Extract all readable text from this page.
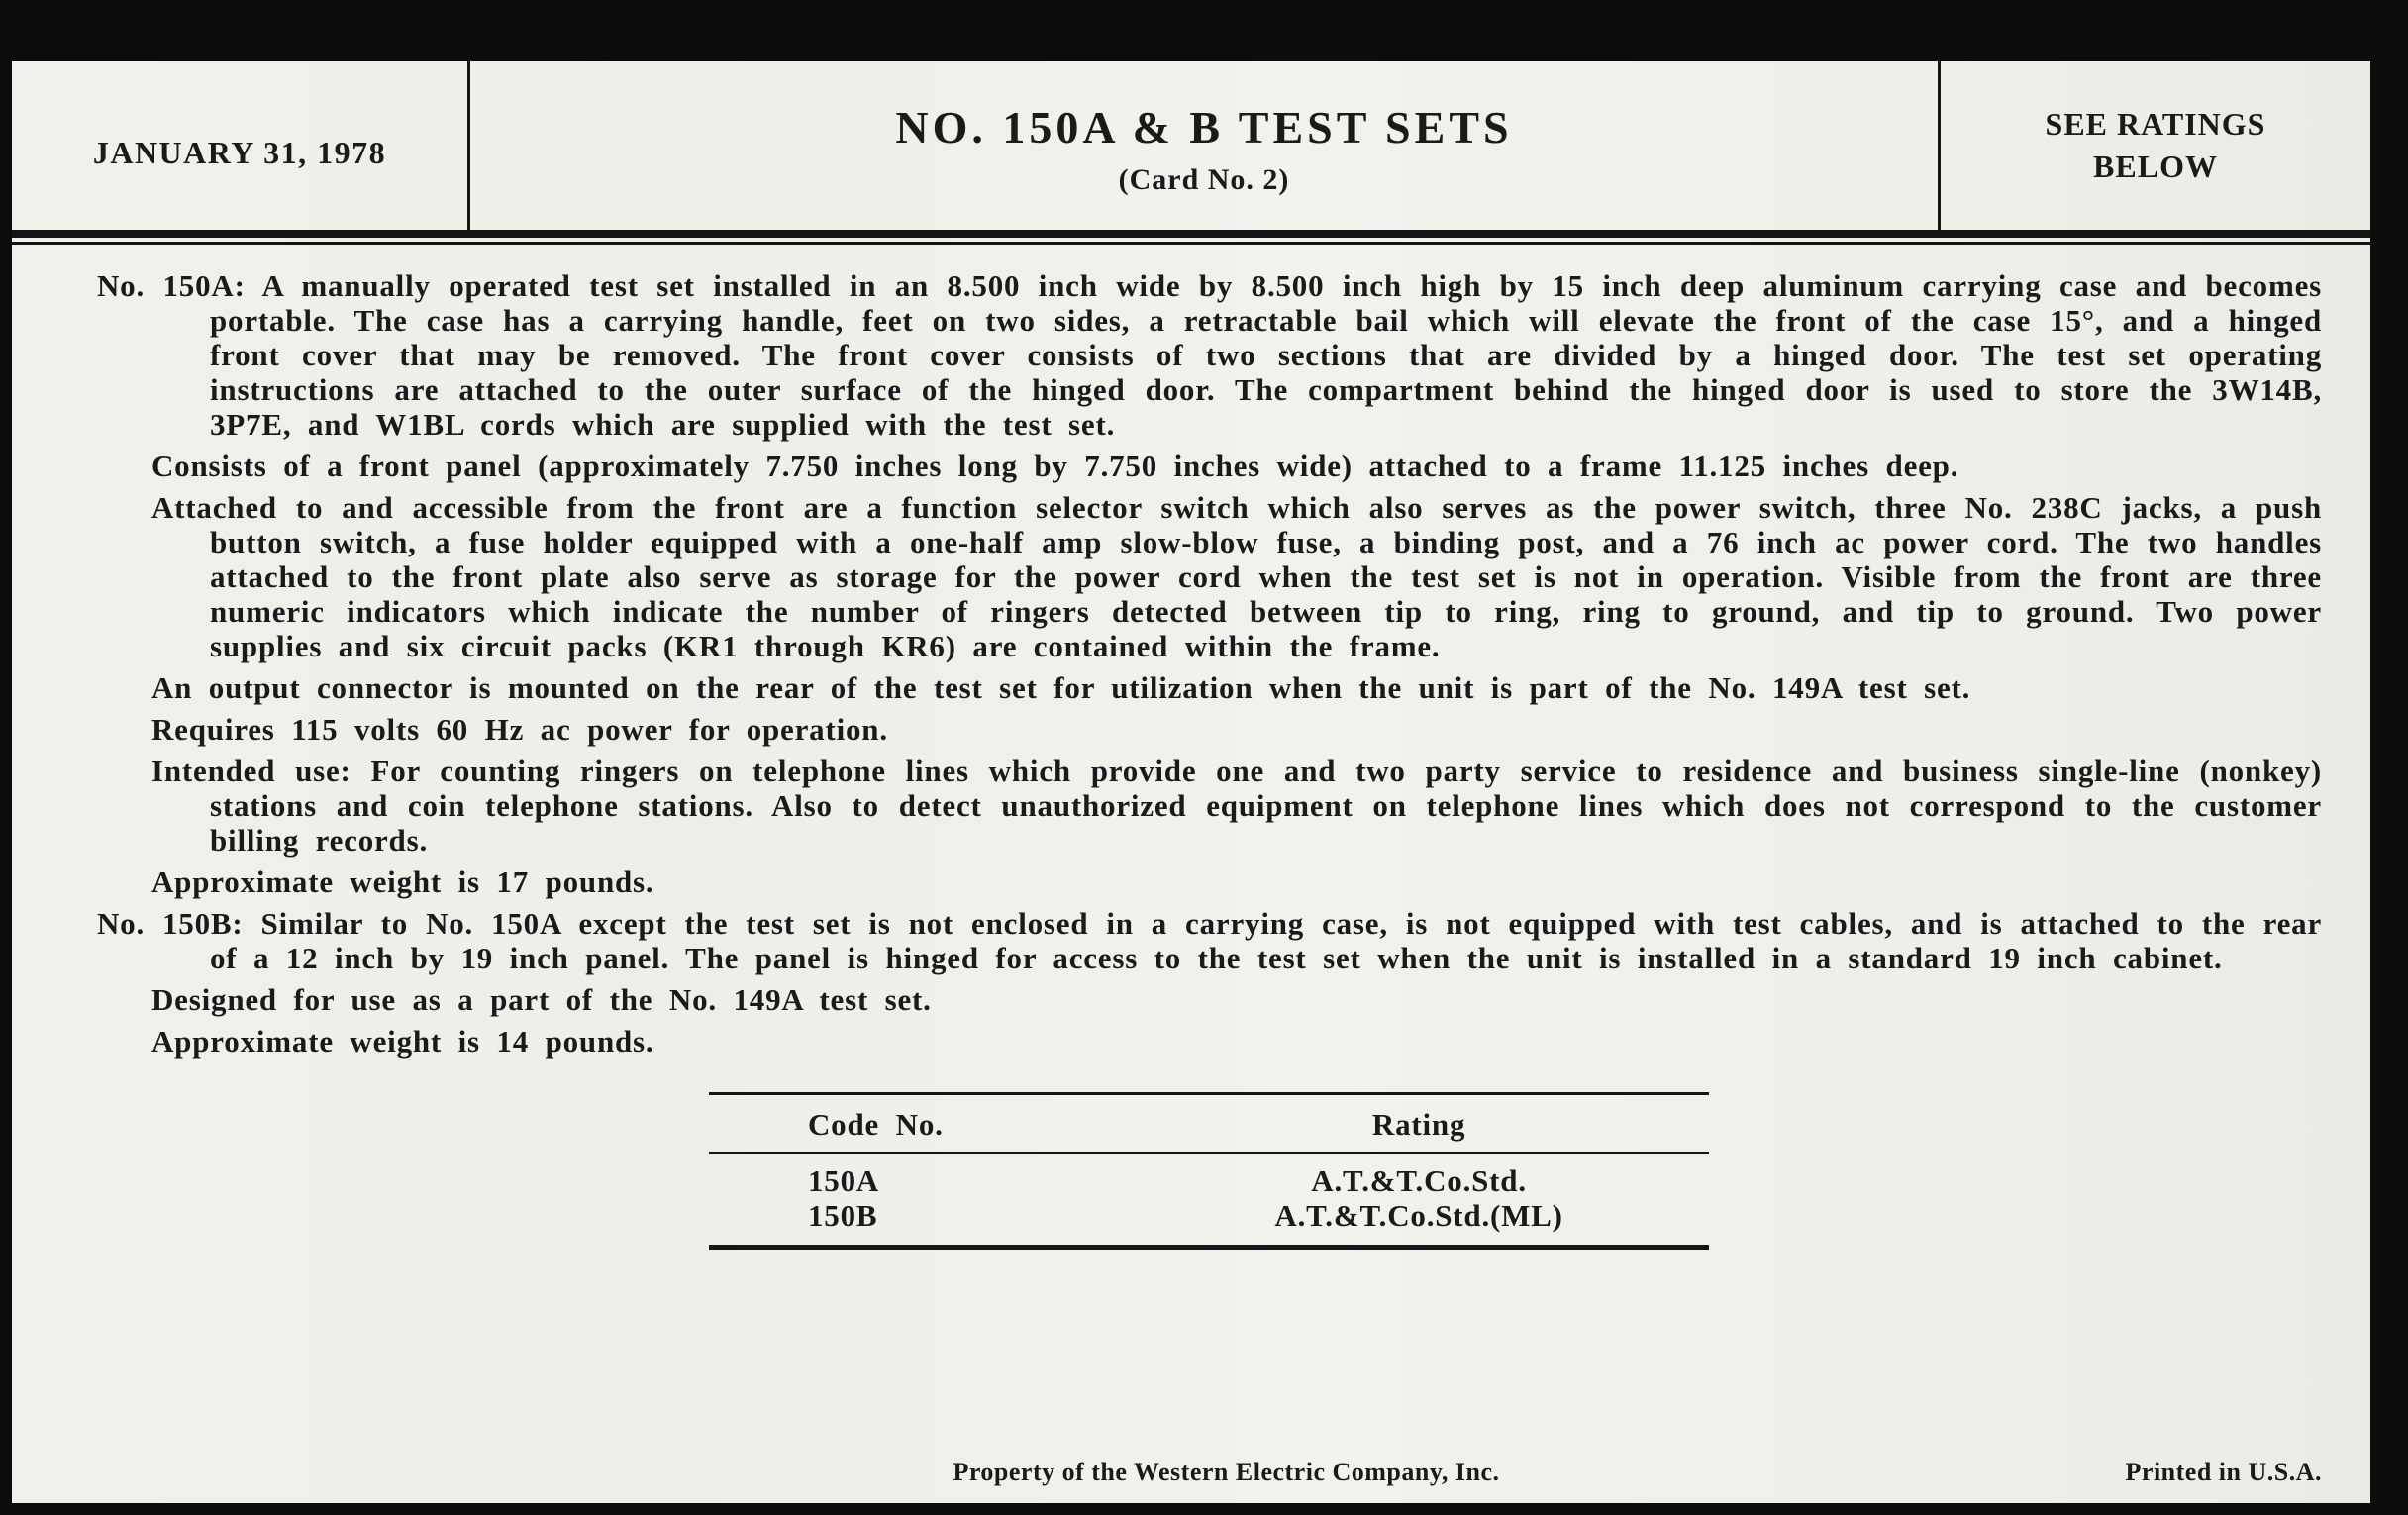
JANUARY 31, 1978	NO. 150A & B TEST SETS
(Card No. 2)
SEE RATINGS
BELOW

No. 150A: A manually operated test set installed in an 8.500 inch wide by 8.500 inch high by 15 inch deep aluminum carrying case and becomes portable. The case has a carrying handle, feet on two sides, a retractable bail which will elevate the front of the case 15°, and a hinged front cover that may be removed. The front cover consists of two sections that are divided by a hinged door. The test set operating instructions are attached to the outer surface of the hinged door. The compartment behind the hinged door is used to store the 3W14B, 3P7E, and W1BL cords which are supplied with the test set.

Consists of a front panel (approximately 7.750 inches long by 7.750 inches wide) attached to a frame 11.125 inches deep.

Attached to and accessible from the front are a function selector switch which also serves as the power switch, three No. 238C jacks, a push button switch, a fuse holder equipped with a one-half amp slow-blow fuse, a binding post, and a 76 inch ac power cord. The two handles attached to the front plate also serve as storage for the power cord when the test set is not in operation. Visible from the front are three numeric indicators which indicate the number of ringers detected between tip to ring, ring to ground, and tip to ground. Two power supplies and six circuit packs (KR1 through KR6) are contained within the frame.

An output connector is mounted on the rear of the test set for utilization when the unit is part of the No. 149A test set.

Requires 115 volts 60 Hz ac power for operation.

Intended use: For counting ringers on telephone lines which provide one and two party service to residence and business single-line (nonkey) stations and coin telephone stations. Also to detect unauthorized equipment on telephone lines which does not correspond to the customer billing records.

Approximate weight is 17 pounds.

No. 150B: Similar to No. 150A except the test set is not enclosed in a carrying case, is not equipped with test cables, and is attached to the rear of a 12 inch by 19 inch panel. The panel is hinged for access to the test set when the unit is installed in a standard 19 inch cabinet.

Designed for use as a part of the No. 149A test set.

Approximate weight is 14 pounds.

Code No.	Rating
150A	A.T.&T.Co.Std.
150B	A.T.&T.Co.Std.(ML)
Property of the Western Electric Company, Inc.	Printed in U.S.A.
